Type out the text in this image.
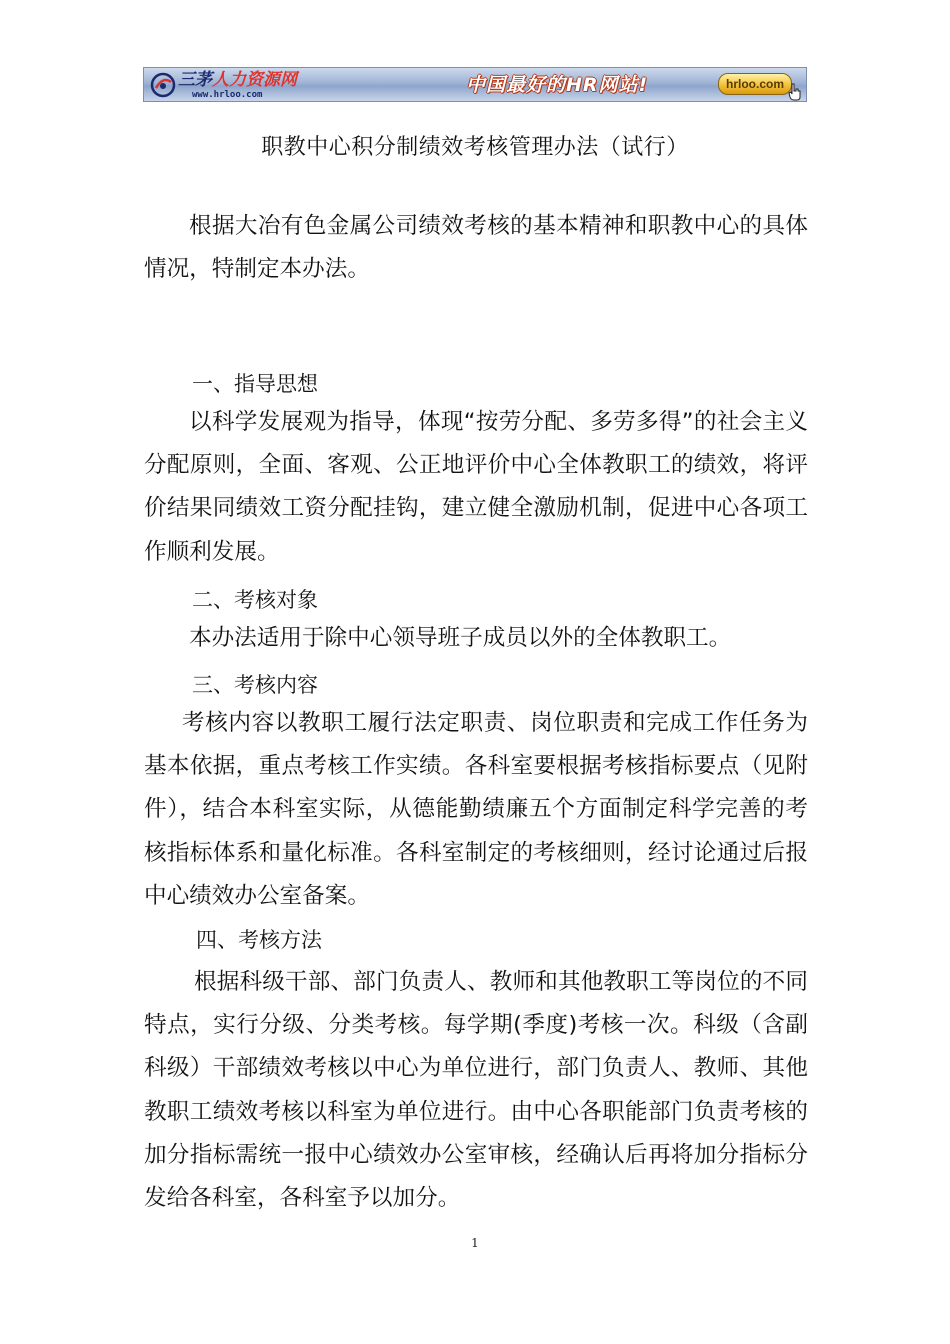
三茅人力资源网
www.hrloo.com	中国最好的HR网站!	hrloo.com
职教中心积分制绩效考核管理办法（试行）

根据大冶有色金属公司绩效考核的基本精神和职教中心的具体情况，特制定本办法。

一、指导思想

以科学发展观为指导，体现“按劳分配、多劳多得”的社会主义分配原则，全面、客观、公正地评价中心全体教职工的绩效，将评价结果同绩效工资分配挂钩，建立健全激励机制，促进中心各项工作顺利发展。

二、考核对象

本办法适用于除中心领导班子成员以外的全体教职工。

三、考核内容

考核内容以教职工履行法定职责、岗位职责和完成工作任务为基本依据，重点考核工作实绩。各科室要根据考核指标要点（见附件），结合本科室实际，从德能勤绩廉五个方面制定科学完善的考核指标体系和量化标准。各科室制定的考核细则，经讨论通过后报中心绩效办公室备案。

四、考核方法

根据科级干部、部门负责人、教师和其他教职工等岗位的不同特点，实行分级、分类考核。每学期(季度)考核一次。科级（含副科级）干部绩效考核以中心为单位进行，部门负责人、教师、其他教职工绩效考核以科室为单位进行。由中心各职能部门负责考核的加分指标需统一报中心绩效办公室审核，经确认后再将加分指标分发给各科室，各科室予以加分。

1
